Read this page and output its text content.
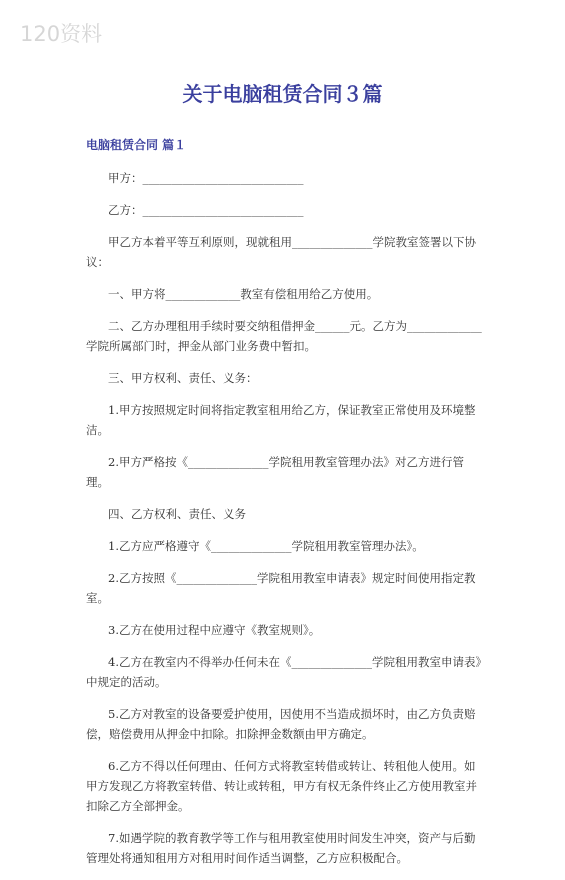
120资料
关于电脑租赁合同３篇
电脑租赁合同 篇１

甲方：____________________________

乙方：____________________________

甲乙方本着平等互利原则，现就租用______________学院教室签署以下协议：

一、甲方将_____________教室有偿租用给乙方使用。

二、乙方办理租用手续时要交纳租借押金______元。乙方为_____________学院所属部门时，押金从部门业务费中暂扣。

三、甲方权利、责任、义务：

1.甲方按照规定时间将指定教室租用给乙方，保证教室正常使用及环境整洁。

2.甲方严格按《______________学院租用教室管理办法》对乙方进行管理。

四、乙方权利、责任、义务

1.乙方应严格遵守《______________学院租用教室管理办法》。

2.乙方按照《______________学院租用教室申请表》规定时间使用指定教室。

3.乙方在使用过程中应遵守《教室规则》。

4.乙方在教室内不得举办任何未在《______________学院租用教室申请表》中规定的活动。

5.乙方对教室的设备要爱护使用，因使用不当造成损坏时，由乙方负责赔偿，赔偿费用从押金中扣除。扣除押金数额由甲方确定。

6.乙方不得以任何理由、任何方式将教室转借或转让、转租他人使用。如甲方发现乙方将教室转借、转让或转租，甲方有权无条件终止乙方使用教室并扣除乙方全部押金。

7.如遇学院的教育教学等工作与租用教室使用时间发生冲突，资产与后勤管理处将通知租用方对租用时间作适当调整，乙方应积极配合。
